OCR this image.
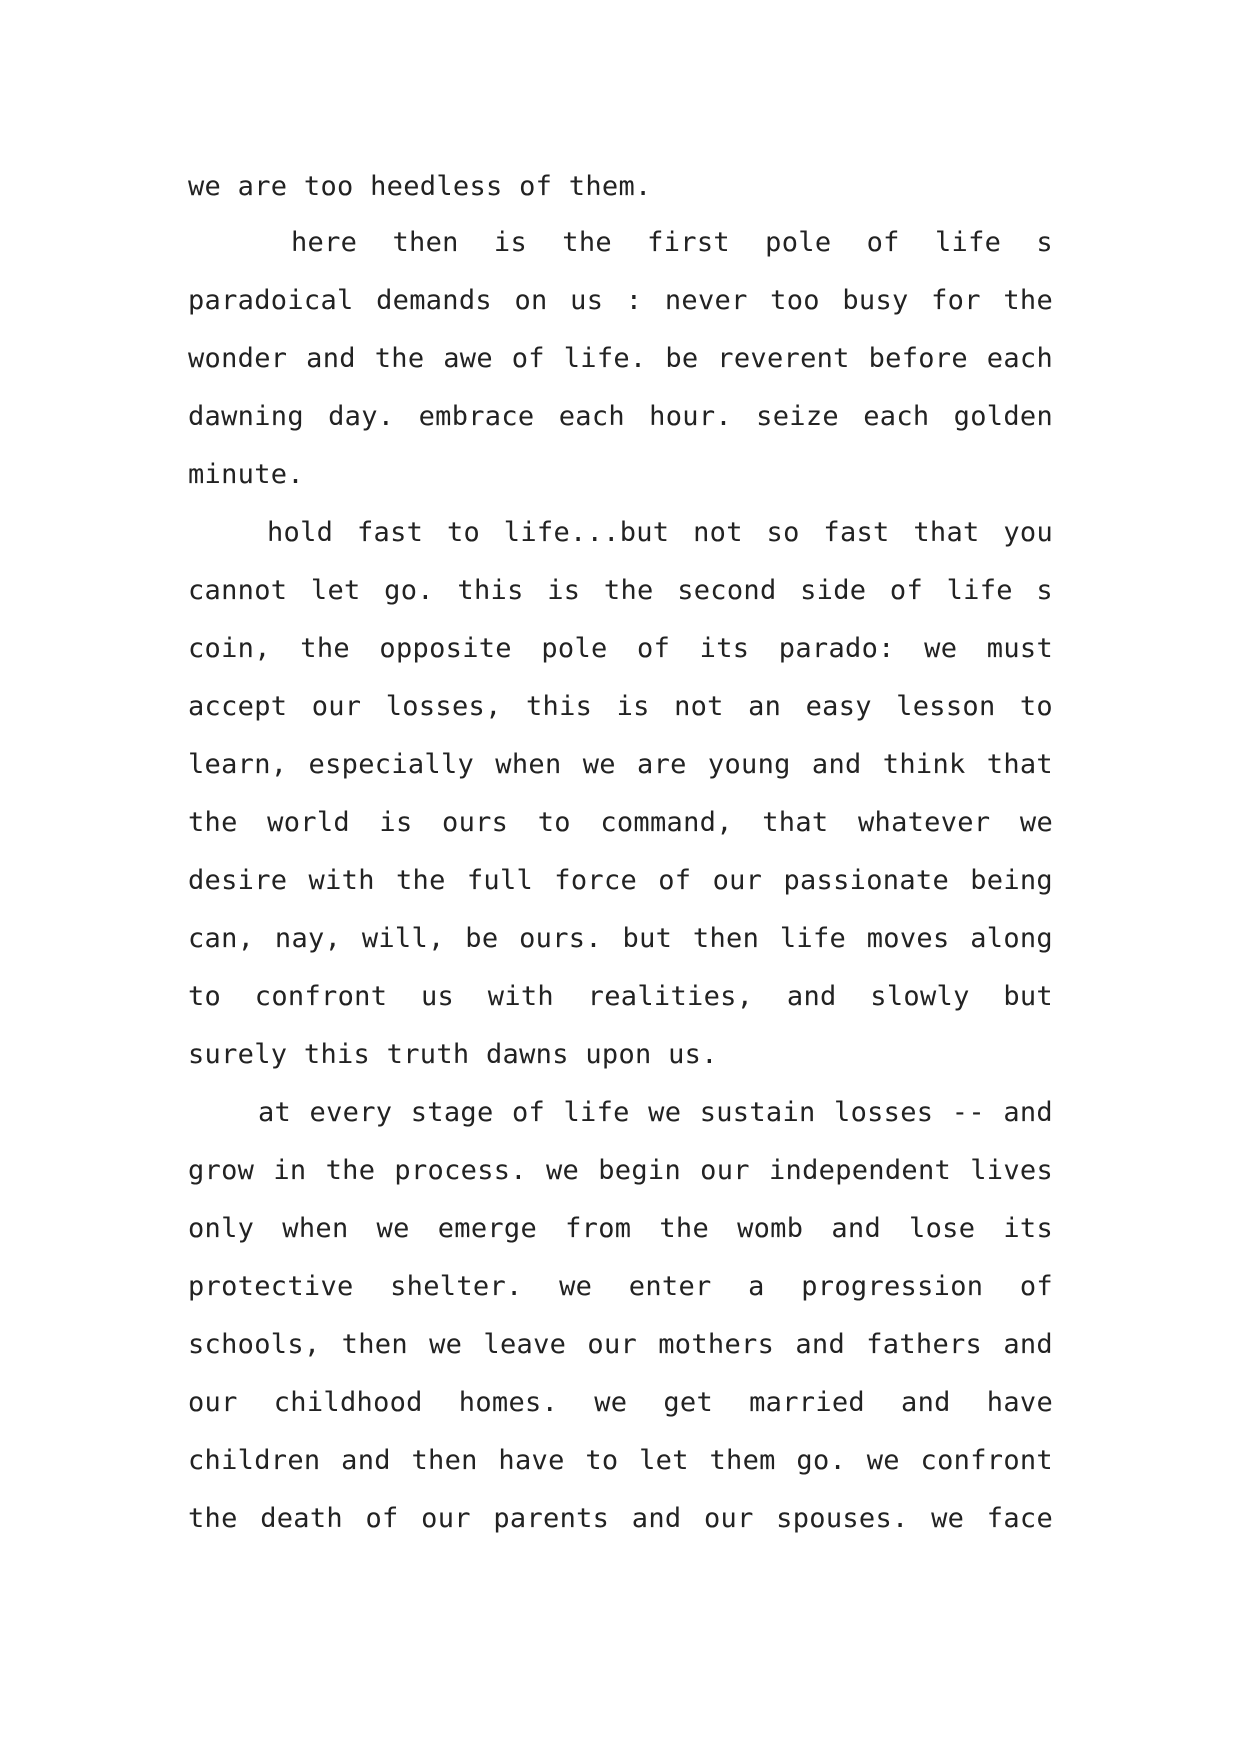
we are too heedless of them.
here then is the first pole of life s
paradoical demands on us : never too busy for the
wonder and the awe of life. be reverent before each
dawning day. embrace each hour. seize each golden
minute.
hold fast to life...but not so fast that you
cannot let go. this is the second side of life s
coin, the opposite pole of its parado: we must
accept our losses, this is not an easy lesson to
learn, especially when we are young and think that
the world is ours to command, that whatever we
desire with the full force of our passionate being
can, nay, will, be ours. but then life moves along
to confront us with realities, and slowly but
surely this truth dawns upon us.
at every stage of life we sustain losses -- and
grow in the process. we begin our independent lives
only when we emerge from the womb and lose its
protective shelter. we enter a progression of
schools, then we leave our mothers and fathers and
our childhood homes. we get married and have
children and then have to let them go. we confront
the death of our parents and our spouses. we face
